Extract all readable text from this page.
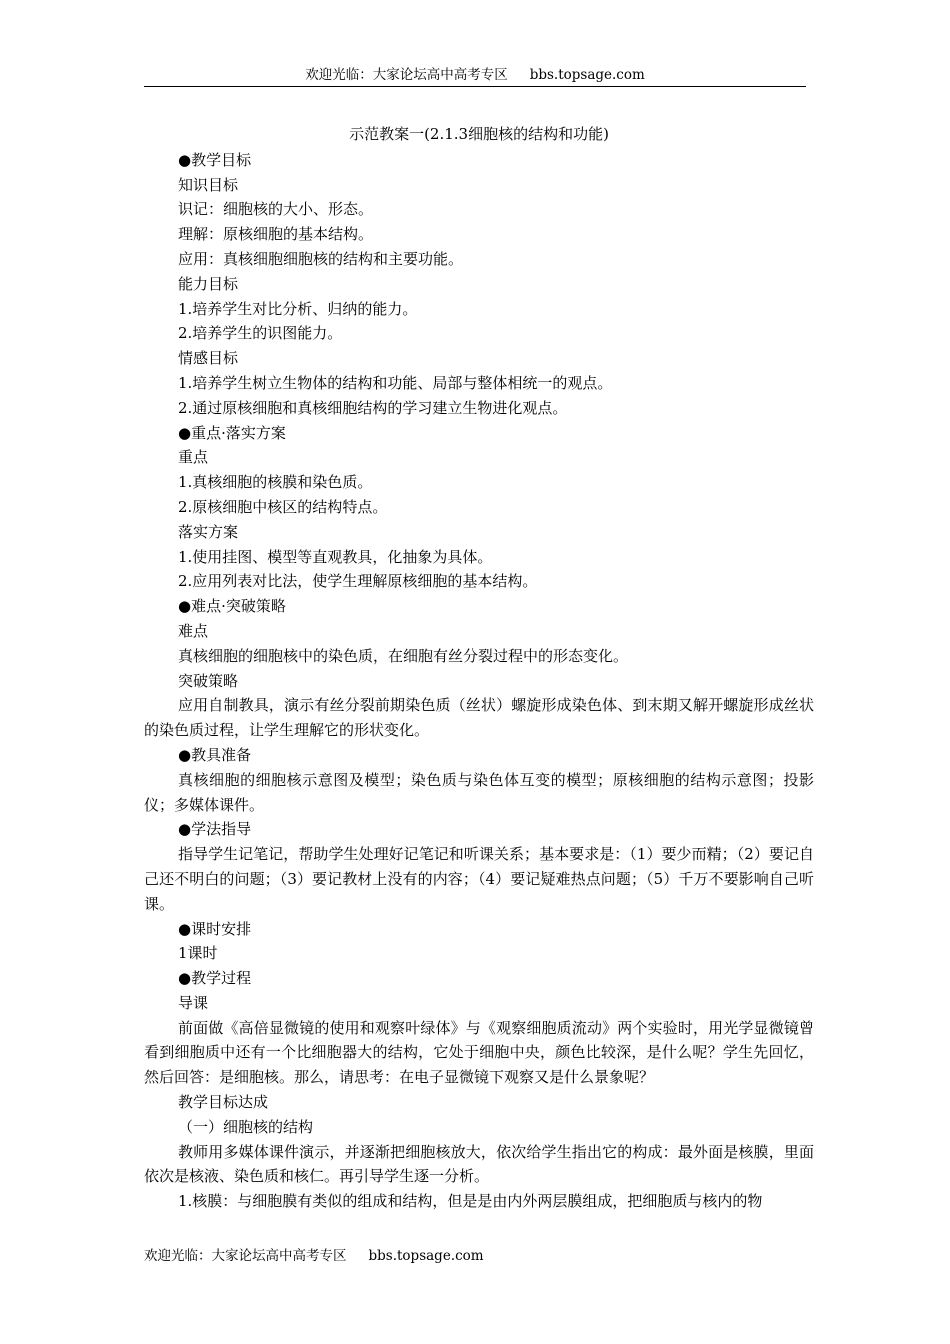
欢迎光临：大家论坛高中高考专区 bbs.topsage.com

示范教案一(2.1.3细胞核的结构和功能)

●教学目标

知识目标

识记：细胞核的大小、形态。

理解：原核细胞的基本结构。

应用：真核细胞细胞核的结构和主要功能。

能力目标

1.培养学生对比分析、归纳的能力。

2.培养学生的识图能力。

情感目标

1.培养学生树立生物体的结构和功能、局部与整体相统一的观点。

2.通过原核细胞和真核细胞结构的学习建立生物进化观点。

●重点·落实方案

重点

1.真核细胞的核膜和染色质。

2.原核细胞中核区的结构特点。

落实方案

1.使用挂图、模型等直观教具，化抽象为具体。

2.应用列表对比法，使学生理解原核细胞的基本结构。

●难点·突破策略

难点

真核细胞的细胞核中的染色质，在细胞有丝分裂过程中的形态变化。

突破策略

应用自制教具，演示有丝分裂前期染色质（丝状）螺旋形成染色体、到末期又解开螺旋形成丝状的染色质过程，让学生理解它的形状变化。

●教具准备

真核细胞的细胞核示意图及模型；染色质与染色体互变的模型；原核细胞的结构示意图；投影仪；多媒体课件。

●学法指导

指导学生记笔记，帮助学生处理好记笔记和听课关系；基本要求是：（1）要少而精；（2）要记自己还不明白的问题；（3）要记教材上没有的内容；（4）要记疑难热点问题；（5）千万不要影响自己听课。

●课时安排

1课时

●教学过程

导课

前面做《高倍显微镜的使用和观察叶绿体》与《观察细胞质流动》两个实验时，用光学显微镜曾看到细胞质中还有一个比细胞器大的结构，它处于细胞中央，颜色比较深，是什么呢？学生先回忆，然后回答：是细胞核。那么，请思考：在电子显微镜下观察又是什么景象呢？

教学目标达成

（一）细胞核的结构

教师用多媒体课件演示，并逐渐把细胞核放大，依次给学生指出它的构成：最外面是核膜，里面依次是核液、染色质和核仁。再引导学生逐一分析。

1.核膜：与细胞膜有类似的组成和结构，但是是由内外两层膜组成，把细胞质与核内的物

欢迎光临：大家论坛高中高考专区 bbs.topsage.com
